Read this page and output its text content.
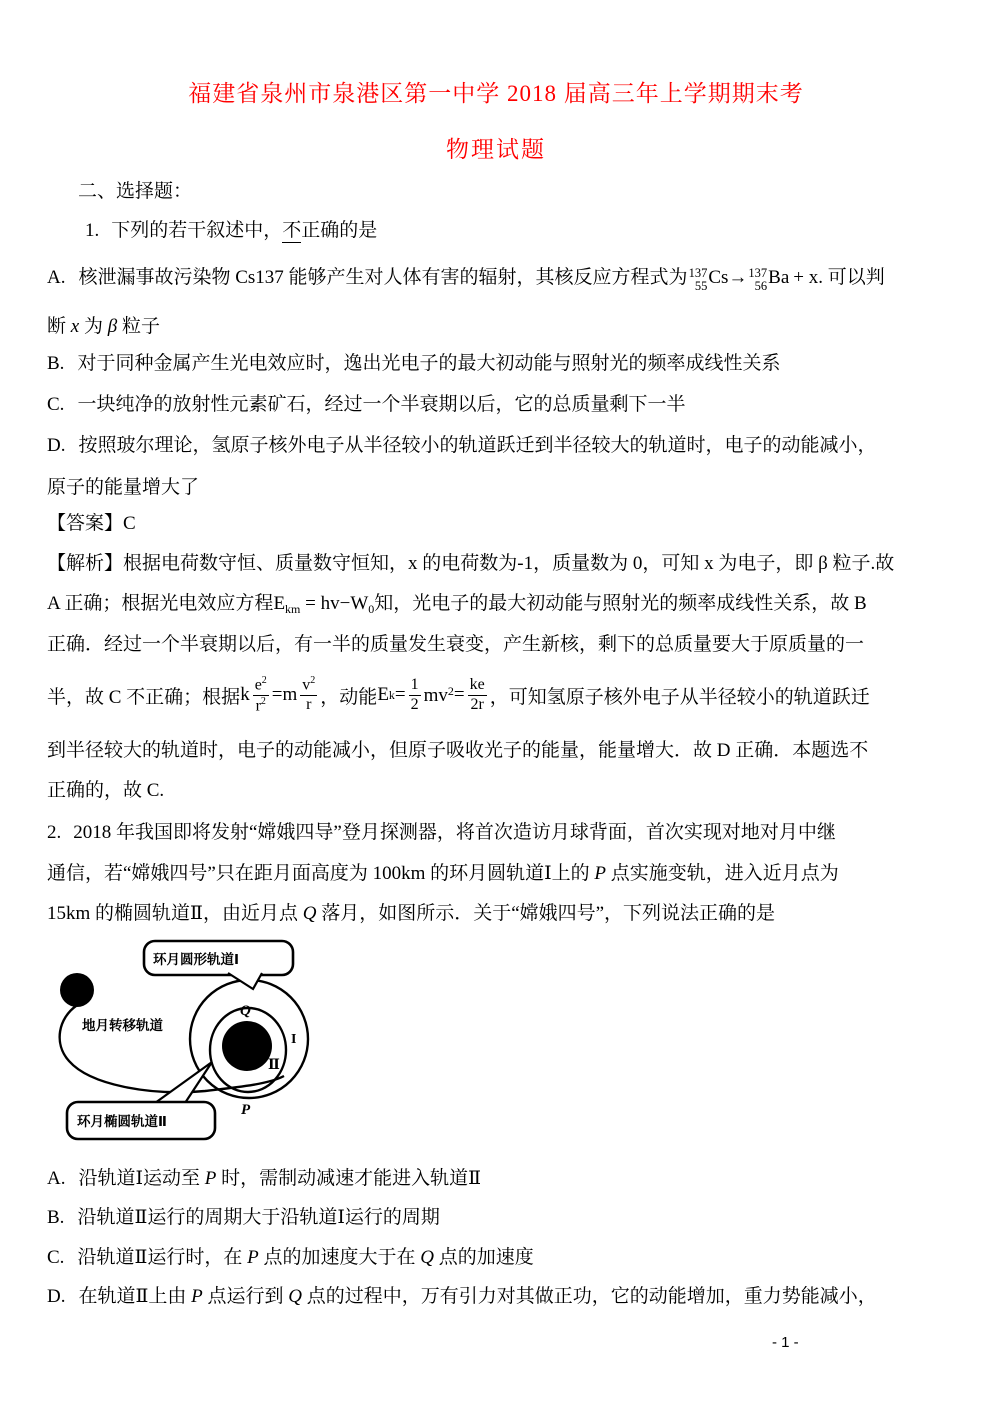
福建省泉州市泉港区第一中学 2018 届高三年上学期期末考
物理试题
二、选择题：
1. 下列的若干叙述中，不正确的是
A. 核泄漏事故污染物 Cs137 能够产生对人体有害的辐射，其核反应方程式为 137
55 Cs→ 137
56 Ba + x. 可以判
断 x 为 β 粒子
B. 对于同种金属产生光电效应时，逸出光电子的最大初动能与照射光的频率成线性关系
C. 一块纯净的放射性元素矿石，经过一个半衰期以后，它的总质量剩下一半
D. 按照玻尔理论，氢原子核外电子从半径较小的轨道跃迁到半径较大的轨道时，电子的动能减小，
原子的能量增大了
【答案】C
【解析】根据电荷数守恒、质量数守恒知，x 的电荷数为-1，质量数为 0，可知 x 为电子，即 β 粒子.故
A 正确；根据光电效应方程$E_{km} = hv-W_0$知，光电子的最大初动能与照射光的频率成线性关系，故 B
正确．经过一个半衰期以后，有一半的质量发生衰变，产生新核，剩下的总质量要大于原质量的一
半，故 C 不正确；根据 k $\frac{e^2}{r^2} = m \frac{v^2}{r}$ ，动能 E $k = \frac{1}{2} mv^2 = \frac{ke}{2r}$ ，可知氢原子核外电子从半径较小的轨道跃迁
到半径较大的轨道时，电子的动能减小，但原子吸收光子的能量，能量增大．故 D 正确．本题选不
正确的，故 C.
2. 2018 年我国即将发射“嫦娥四导”登月探测器，将首次造访月球背面，首次实现对地对月中继
通信，若“嫦娥四号”只在距月面高度为 100km 的环月圆轨道Ⅰ上的 P 点实施变轨，进入近月点为
15km 的椭圆轨道Ⅱ，由近月点 Q 落月，如图所示．关于“嫦娥四号”，下列说法正确的是
环月圆形轨道Ⅰ
环月椭圆轨道Ⅱ
地月转移轨道
Q
I
Ⅱ
P
A. 沿轨道Ⅰ运动至 P 时，需制动减速才能进入轨道Ⅱ
B. 沿轨道Ⅱ运行的周期大于沿轨道Ⅰ运行的周期
C. 沿轨道Ⅱ运行时，在 P 点的加速度大于在 Q 点的加速度
D. 在轨道Ⅱ上由 P 点运行到 Q 点的过程中，万有引力对其做正功，它的动能增加，重力势能减小，
- 1 -
